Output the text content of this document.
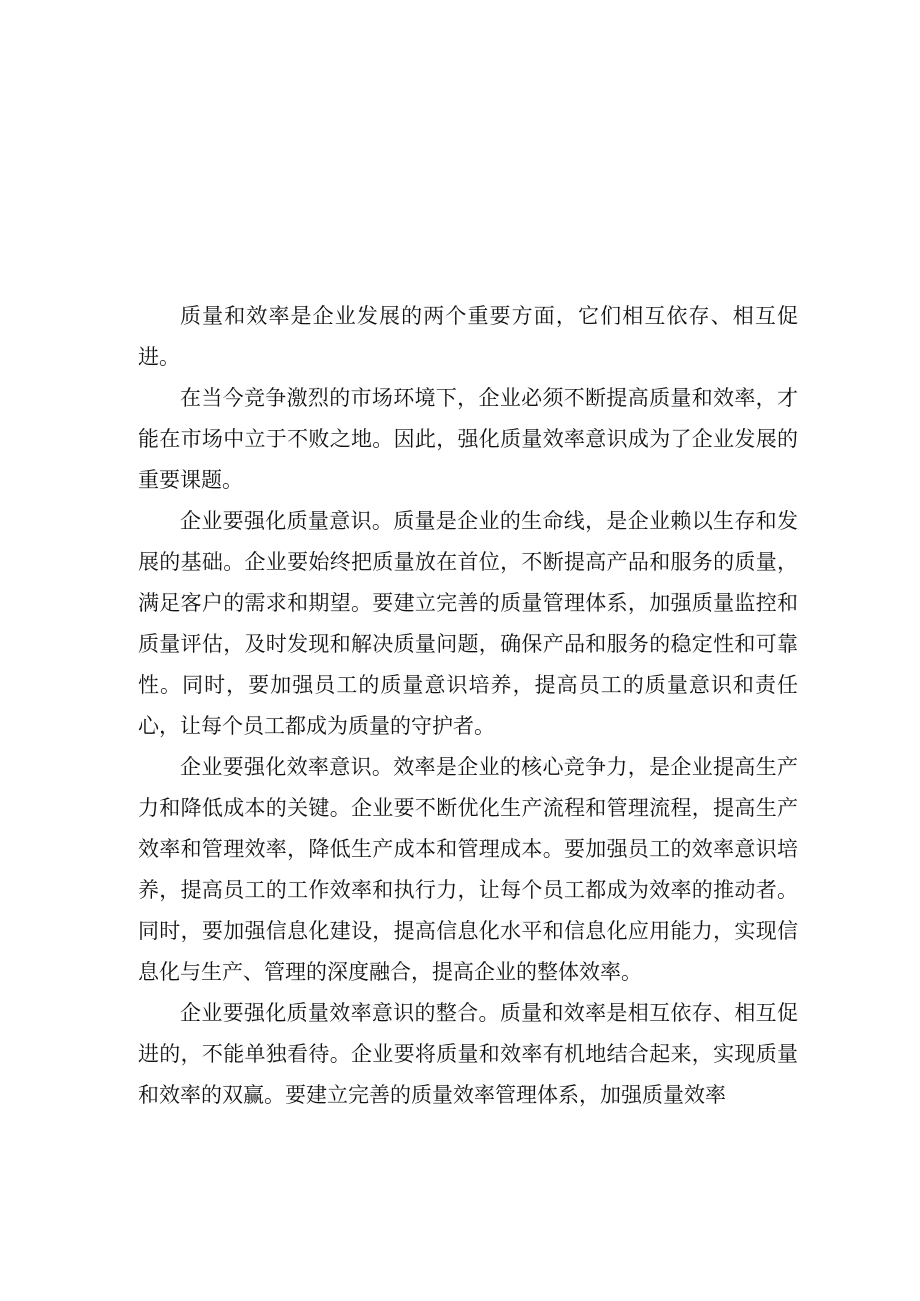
质量和效率是企业发展的两个重要方面，它们相互依存、相互促进。

在当今竞争激烈的市场环境下，企业必须不断提高质量和效率，才能在市场中立于不败之地。因此，强化质量效率意识成为了企业发展的重要课题。

企业要强化质量意识。质量是企业的生命线，是企业赖以生存和发展的基础。企业要始终把质量放在首位，不断提高产品和服务的质量，满足客户的需求和期望。要建立完善的质量管理体系，加强质量监控和质量评估，及时发现和解决质量问题，确保产品和服务的稳定性和可靠性。同时，要加强员工的质量意识培养，提高员工的质量意识和责任心，让每个员工都成为质量的守护者。

企业要强化效率意识。效率是企业的核心竞争力，是企业提高生产力和降低成本的关键。企业要不断优化生产流程和管理流程，提高生产效率和管理效率，降低生产成本和管理成本。要加强员工的效率意识培养，提高员工的工作效率和执行力，让每个员工都成为效率的推动者。同时，要加强信息化建设，提高信息化水平和信息化应用能力，实现信息化与生产、管理的深度融合，提高企业的整体效率。

企业要强化质量效率意识的整合。质量和效率是相互依存、相互促进的，不能单独看待。企业要将质量和效率有机地结合起来，实现质量和效率的双赢。要建立完善的质量效率管理体系，加强质量效率
